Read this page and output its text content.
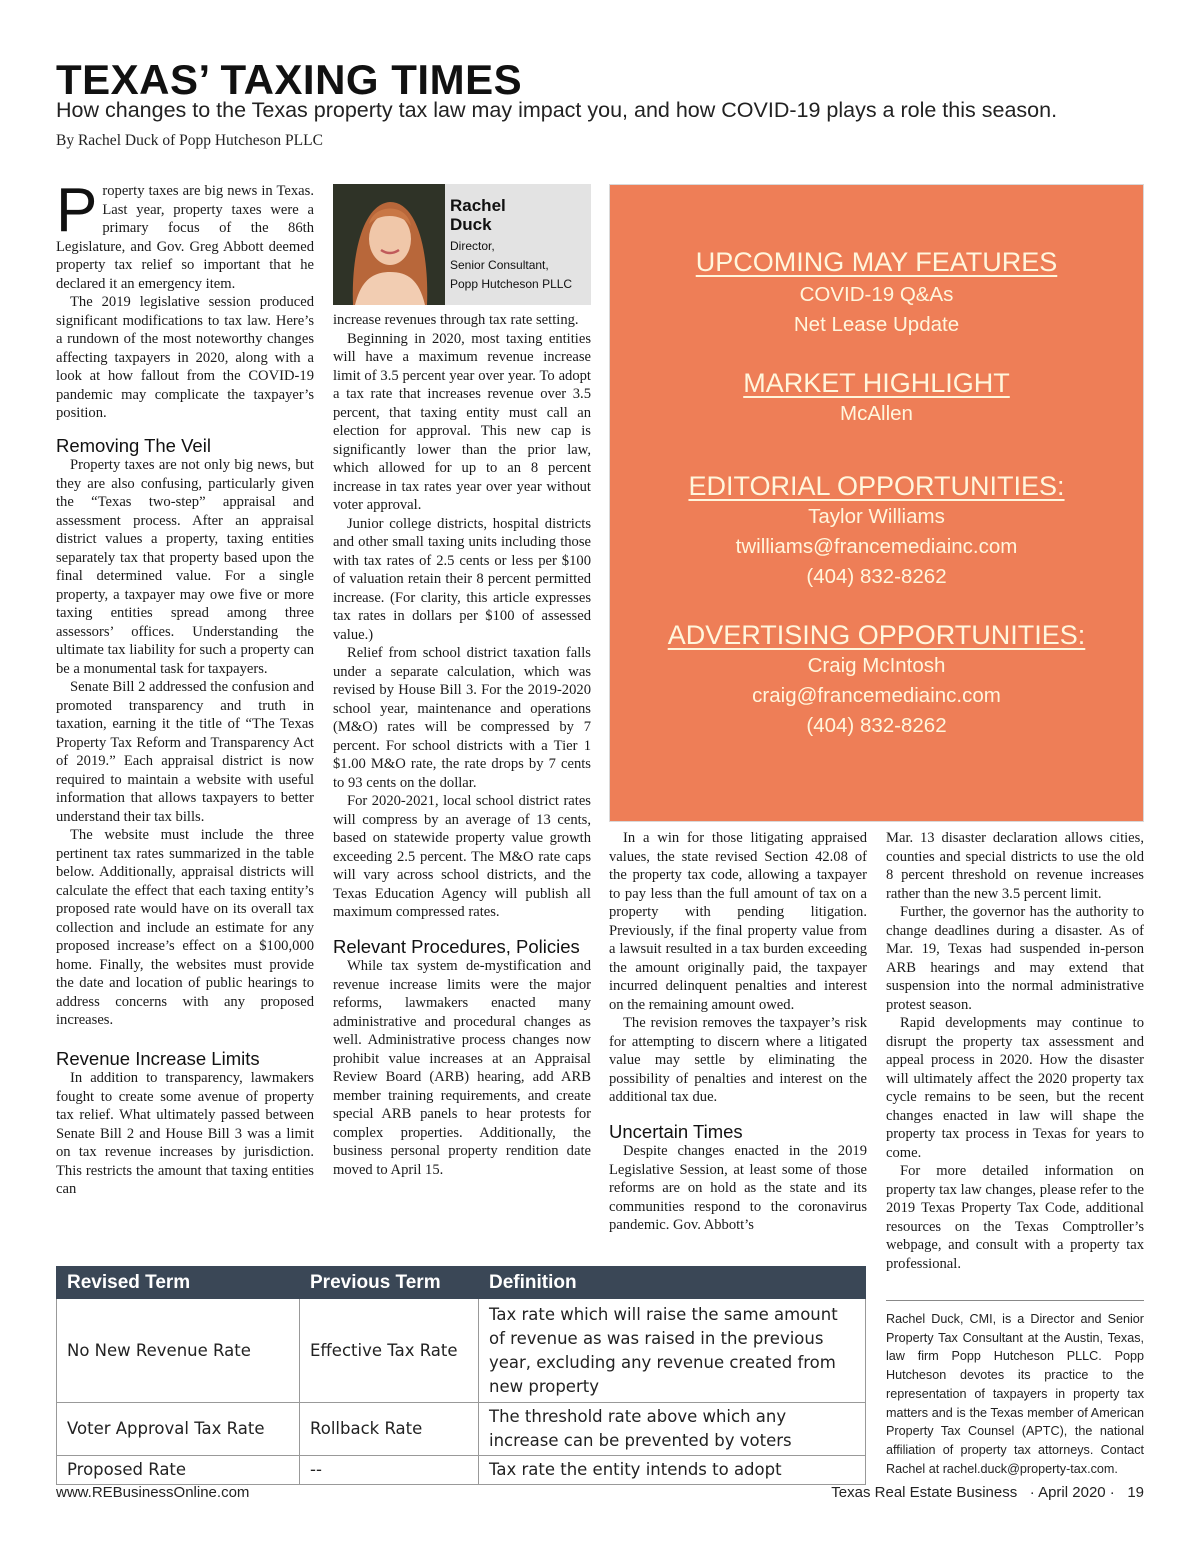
TEXAS’ TAXING TIMES
How changes to the Texas property tax law may impact you, and how COVID-19 plays a role this season.
By Rachel Duck of Popp Hutcheson PLLC

Property taxes are big news in Texas. Last year, property taxes were a primary focus of the 86th Legislature, and Gov. Greg Abbott deemed property tax relief so important that he declared it an emergency item.

The 2019 legislative session produced significant modifications to tax law. Here’s a rundown of the most noteworthy changes affecting taxpayers in 2020, along with a look at how fallout from the COVID-19 pandemic may complicate the taxpayer’s position.

Removing The Veil

Property taxes are not only big news, but they are also confusing, particularly given the “Texas two-step” appraisal and assessment process. After an appraisal district values a property, taxing entities separately tax that property based upon the final determined value. For a single property, a taxpayer may owe five or more taxing entities spread among three assessors’ offices. Understanding the ultimate tax liability for such a property can be a monumental task for taxpayers.

Senate Bill 2 addressed the confusion and promoted transparency and truth in taxation, earning it the title of “The Texas Property Tax Reform and Transparency Act of 2019.” Each appraisal district is now required to maintain a website with useful information that allows taxpayers to better understand their tax bills.

The website must include the three pertinent tax rates summarized in the table below. Additionally, appraisal districts will calculate the effect that each taxing entity’s proposed rate would have on its overall tax collection and include an estimate for any proposed increase’s effect on a $100,000 home. Finally, the websites must provide the date and location of public hearings to address concerns with any proposed increases.

Revenue Increase Limits

In addition to transparency, lawmakers fought to create some avenue of property tax relief. What ultimately passed between Senate Bill 2 and House Bill 3 was a limit on tax revenue increases by jurisdiction. This restricts the amount that taxing entities can

Rachel
Duck
Director,
Senior Consultant,
Popp Hutcheson PLLC

increase revenues through tax rate setting.

Beginning in 2020, most taxing entities will have a maximum revenue increase limit of 3.5 percent year over year. To adopt a tax rate that increases revenue over 3.5 percent, that taxing entity must call an election for approval. This new cap is significantly lower than the prior law, which allowed for up to an 8 percent increase in tax rates year over year without voter approval.

Junior college districts, hospital districts and other small taxing units including those with tax rates of 2.5 cents or less per $100 of valuation retain their 8 percent permitted increase. (For clarity, this article expresses tax rates in dollars per $100 of assessed value.)

Relief from school district taxation falls under a separate calculation, which was revised by House Bill 3. For the 2019-2020 school year, maintenance and operations (M&O) rates will be compressed by 7 percent. For school districts with a Tier 1 $1.00 M&O rate, the rate drops by 7 cents to 93 cents on the dollar.

For 2020-2021, local school district rates will compress by an average of 13 cents, based on statewide property value growth exceeding 2.5 percent. The M&O rate caps will vary across school districts, and the Texas Education Agency will publish all maximum compressed rates.

Relevant Procedures, Policies

While tax system de-mystification and revenue increase limits were the major reforms, lawmakers enacted many administrative and procedural changes as well. Administrative process changes now prohibit value increases at an Appraisal Review Board (ARB) hearing, add ARB member training requirements, and create special ARB panels to hear protests for complex properties. Additionally, the business personal property rendition date moved to April 15.

UPCOMING MAY FEATURES
COVID-19 Q&As
Net Lease Update
MARKET HIGHLIGHT
McAllen
EDITORIAL OPPORTUNITIES:
Taylor Williams
twilliams@francemediainc.com
(404) 832-8262
ADVERTISING OPPORTUNITIES:
Craig McIntosh
craig@francemediainc.com
(404) 832-8262

In a win for those litigating appraised values, the state revised Section 42.08 of the property tax code, allowing a taxpayer to pay less than the full amount of tax on a property with pending litigation. Previously, if the final property value from a lawsuit resulted in a tax burden exceeding the amount originally paid, the taxpayer incurred delinquent penalties and interest on the remaining amount owed.

The revision removes the taxpayer’s risk for attempting to discern where a litigated value may settle by eliminating the possibility of penalties and interest on the additional tax due.

Uncertain Times

Despite changes enacted in the 2019 Legislative Session, at least some of those reforms are on hold as the state and its communities respond to the coronavirus pandemic. Gov. Abbott’s

Mar. 13 disaster declaration allows cities, counties and special districts to use the old 8 percent threshold on revenue increases rather than the new 3.5 percent limit.

Further, the governor has the authority to change deadlines during a disaster. As of Mar. 19, Texas had suspended in-person ARB hearings and may extend that suspension into the normal administrative protest season.

Rapid developments may continue to disrupt the property tax assessment and appeal process in 2020. How the disaster will ultimately affect the 2020 property tax cycle remains to be seen, but the recent changes enacted in law will shape the property tax process in Texas for years to come.

For more detailed information on property tax law changes, please refer to the 2019 Texas Property Tax Code, additional resources on the Texas Comptroller’s webpage, and consult with a property tax professional.

Revised Term	Previous Term	Definition
No New Revenue Rate	Effective Tax Rate	Tax rate which will raise the same amount of revenue as was raised in the previous year, excluding any revenue created from new property
Voter Approval Tax Rate	Rollback Rate	The threshold rate above which any increase can be prevented by voters
Proposed Rate	--	Tax rate the entity intends to adopt
Rachel Duck, CMI, is a Director and Senior Property Tax Consultant at the Austin, Texas, law firm Popp Hutcheson PLLC. Popp Hutcheson devotes its practice to the representation of taxpayers in property tax matters and is the Texas member of American Property Tax Counsel (APTC), the national affiliation of property tax attorneys. Contact Rachel at rachel.duck@property-tax.com.
www.REBusinessOnline.com	Texas Real Estate Business   · April 2020 ·   19
